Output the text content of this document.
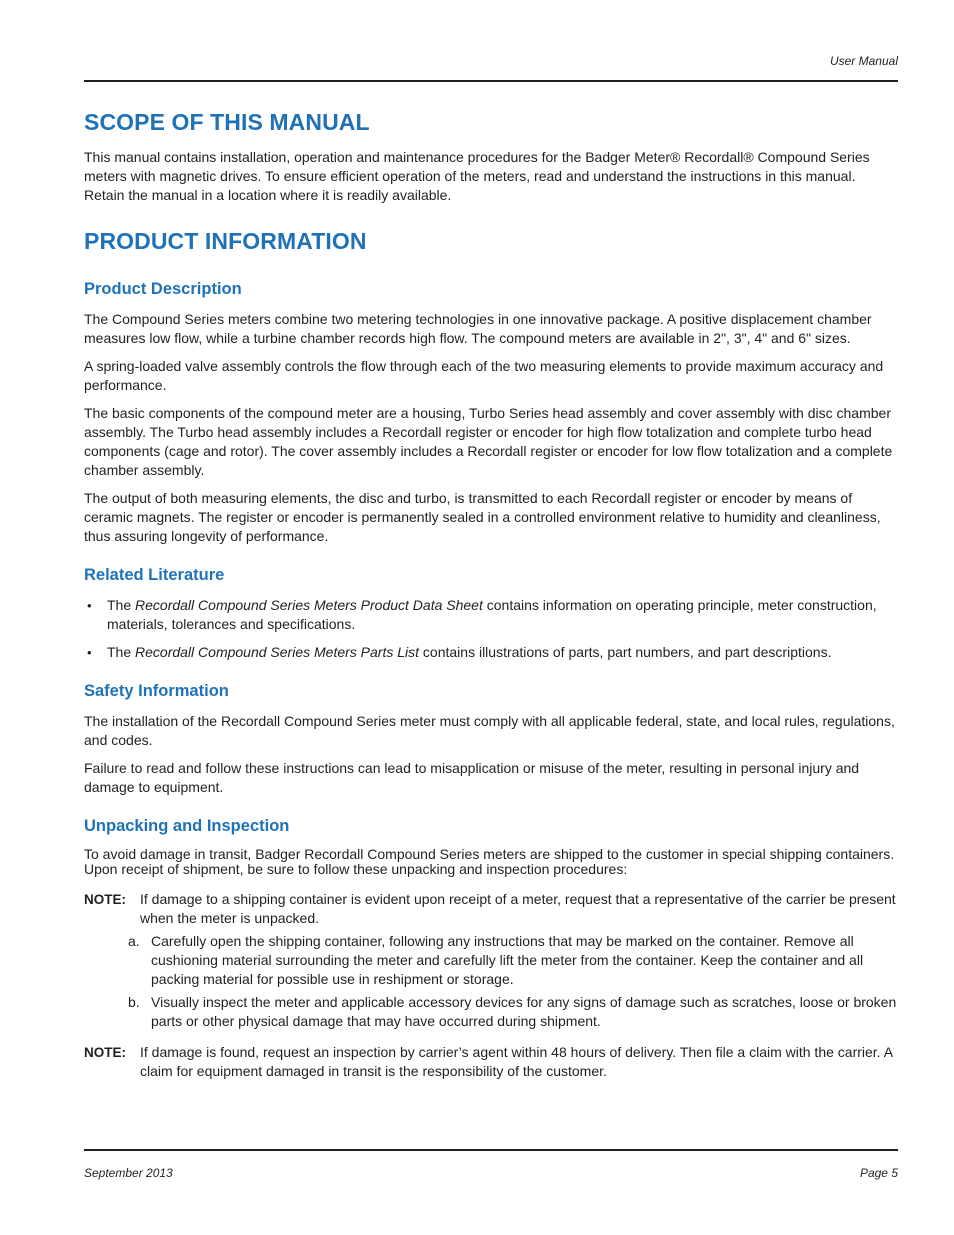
User Manual
SCOPE OF THIS MANUAL

This manual contains installation, operation and maintenance procedures for the Badger Meter® Recordall® Compound Series meters with magnetic drives. To ensure efficient operation of the meters, read and understand the instructions in this manual. Retain the manual in a location where it is readily available.

PRODUCT INFORMATION
Product Description

The Compound Series meters combine two metering technologies in one innovative package. A positive displacement chamber measures low flow, while a turbine chamber records high flow. The compound meters are available in 2", 3", 4" and 6" sizes.

A spring-loaded valve assembly controls the flow through each of the two measuring elements to provide maximum accuracy and performance.

The basic components of the compound meter are a housing, Turbo Series head assembly and cover assembly with disc chamber assembly. The Turbo head assembly includes a Recordall register or encoder for high flow totalization and complete turbo head components (cage and rotor). The cover assembly includes a Recordall register or encoder for low flow totalization and a complete chamber assembly.

The output of both measuring elements, the disc and turbo, is transmitted to each Recordall register or encoder by means of ceramic magnets. The register or encoder is permanently sealed in a controlled environment relative to humidity and cleanliness, thus assuring longevity of performance.

Related Literature
• The Recordall Compound Series Meters Product Data Sheet contains information on operating principle, meter construction, materials, tolerances and specifications.
• The Recordall Compound Series Meters Parts List contains illustrations of parts, part numbers, and part descriptions.
Safety Information

The installation of the Recordall Compound Series meter must comply with all applicable federal, state, and local rules, regulations, and codes.

Failure to read and follow these instructions can lead to misapplication or misuse of the meter, resulting in personal injury and damage to equipment.

Unpacking and Inspection

To avoid damage in transit, Badger Recordall Compound Series meters are shipped to the customer in special shipping containers. Upon receipt of shipment, be sure to follow these unpacking and inspection procedures:

NOTE: If damage to a shipping container is evident upon receipt of a meter, request that a representative of the carrier be present when the meter is unpacked.

a. Carefully open the shipping container, following any instructions that may be marked on the container. Remove all cushioning material surrounding the meter and carefully lift the meter from the container. Keep the container and all packing material for possible use in reshipment or storage.
b. Visually inspect the meter and applicable accessory devices for any signs of damage such as scratches, loose or broken parts or other physical damage that may have occurred during shipment.
NOTE: If damage is found, request an inspection by carrier’s agent within 48 hours of delivery. Then file a claim with the carrier. A claim for equipment damaged in transit is the responsibility of the customer.

September 2013	Page 5
